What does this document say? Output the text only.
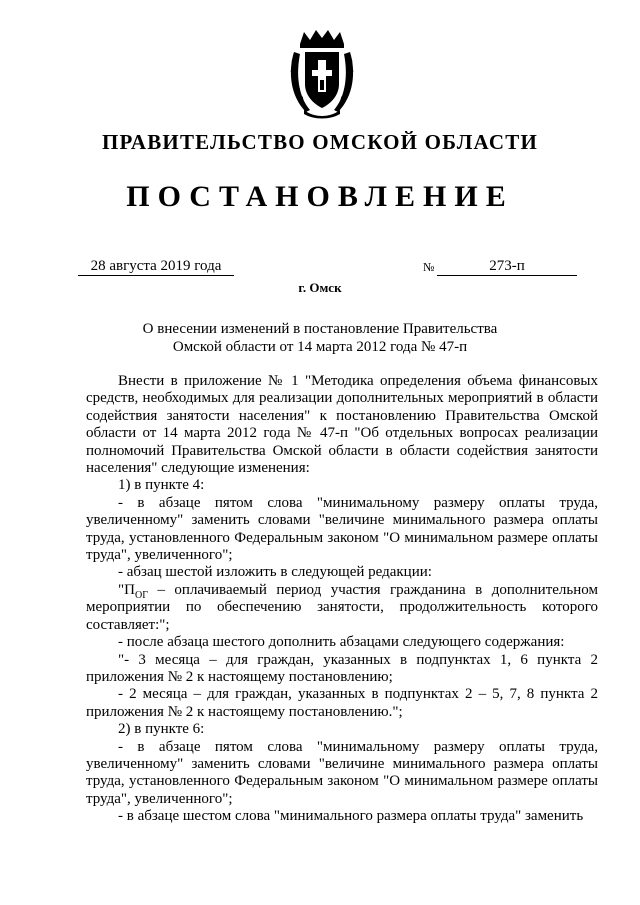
ПРАВИТЕЛЬСТВО ОМСКОЙ ОБЛАСТИ
ПОСТАНОВЛЕНИЕ
28 августа 2019 года	№	273-п
г. Омск
О внесении изменений в постановление Правительства
Омской области от 14 марта 2012 года № 47-п

Внести в приложение № 1 "Методика определения объема финансовых средств, необходимых для реализации дополнительных мероприятий в области содействия занятости населения" к постановлению Правительства Омской области от 14 марта 2012 года № 47-п "Об отдельных вопросах реализации полномочий Правительства Омской области в области содействия занятости населения" следующие изменения:

1) в пункте 4:

- в абзаце пятом слова "минимальному размеру оплаты труда, увеличенному" заменить словами "величине минимального размера оплаты труда, установленного Федеральным законом "О минимальном размере оплаты труда", увеличенного";

- абзац шестой изложить в следующей редакции:

"$П_{ОГ}$ – оплачиваемый период участия гражданина в дополнительном мероприятии по обеспечению занятости, продолжительность которого составляет:";

- после абзаца шестого дополнить абзацами следующего содержания:

"- 3 месяца – для граждан, указанных в подпунктах 1, 6 пункта 2 приложения № 2 к настоящему постановлению;

- 2 месяца – для граждан, указанных в подпунктах 2 – 5, 7, 8 пункта 2 приложения № 2 к настоящему постановлению.";

2) в пункте 6:

- в абзаце пятом слова "минимальному размеру оплаты труда, увеличенному" заменить словами "величине минимального размера оплаты труда, установленного Федеральным законом "О минимальном размере оплаты труда", увеличенного";

- в абзаце шестом слова "минимального размера оплаты труда" заменить
